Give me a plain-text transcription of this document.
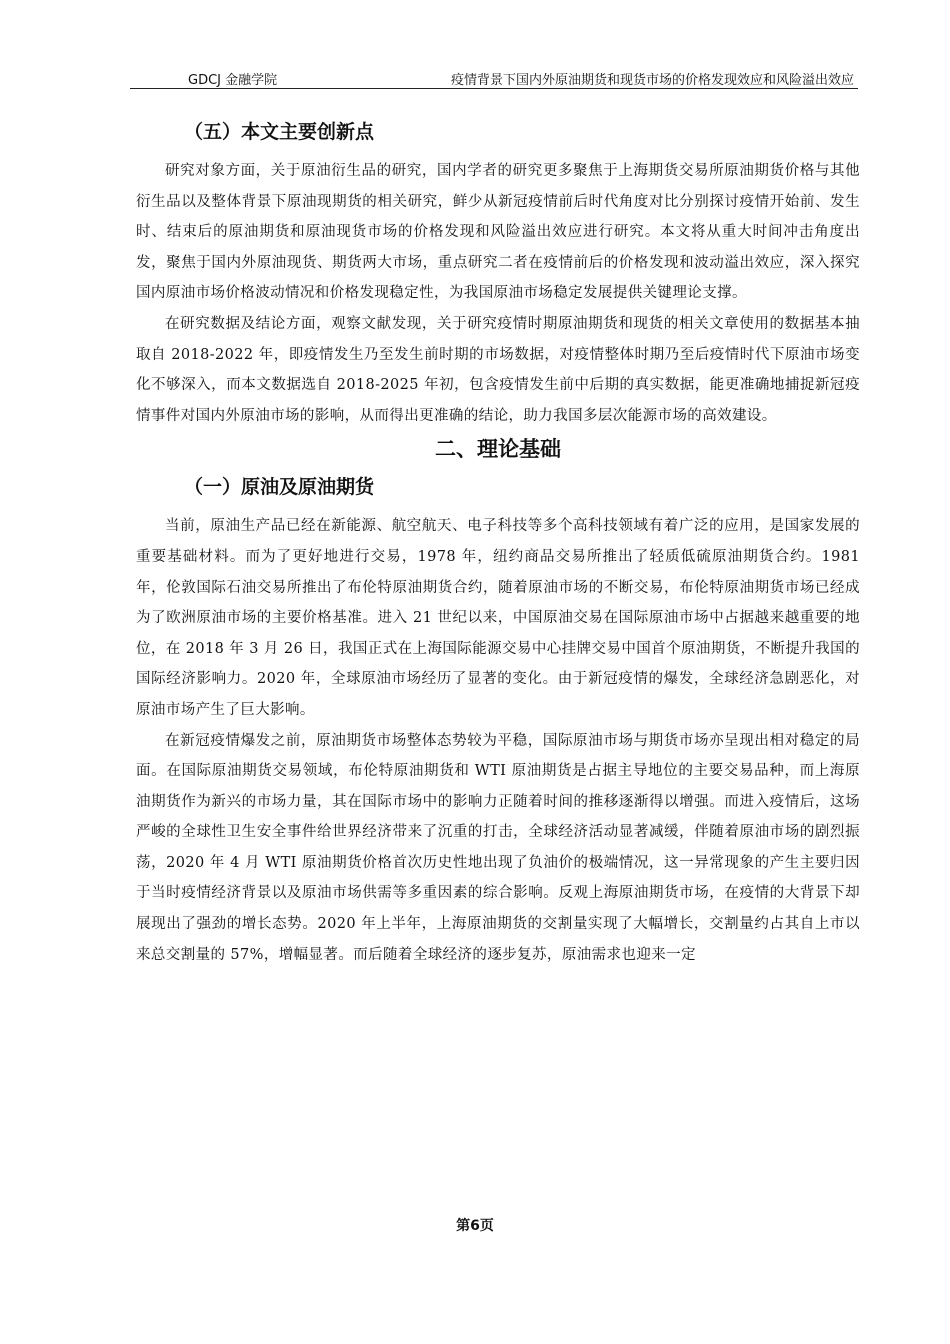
GDCJ 金融学院	疫情背景下国内外原油期货和现货市场的价格发现效应和风险溢出效应
（五）本文主要创新点

研究对象方面，关于原油衍生品的研究，国内学者的研究更多聚焦于上海期货交易所原油期货价格与其他衍生品以及整体背景下原油现期货的相关研究，鲜少从新冠疫情前后时代角度对比分别探讨疫情开始前、发生时、结束后的原油期货和原油现货市场的价格发现和风险溢出效应进行研究。本文将从重大时间冲击角度出发，聚焦于国内外原油现货、期货两大市场，重点研究二者在疫情前后的价格发现和波动溢出效应，深入探究国内原油市场价格波动情况和价格发现稳定性，为我国原油市场稳定发展提供关键理论支撑。

在研究数据及结论方面，观察文献发现，关于研究疫情时期原油期货和现货的相关文章使用的数据基本抽取自 2018-2022 年，即疫情发生乃至发生前时期的市场数据，对疫情整体时期乃至后疫情时代下原油市场变化不够深入，而本文数据选自 2018-2025 年初，包含疫情发生前中后期的真实数据，能更准确地捕捉新冠疫情事件对国内外原油市场的影响，从而得出更准确的结论，助力我国多层次能源市场的高效建设。

二、理论基础
（一）原油及原油期货

当前，原油生产品已经在新能源、航空航天、电子科技等多个高科技领域有着广泛的应用，是国家发展的重要基础材料。而为了更好地进行交易，1978 年，纽约商品交易所推出了轻质低硫原油期货合约。1981 年，伦敦国际石油交易所推出了布伦特原油期货合约，随着原油市场的不断交易，布伦特原油期货市场已经成为了欧洲原油市场的主要价格基准。进入 21 世纪以来，中国原油交易在国际原油市场中占据越来越重要的地位，在 2018 年 3 月 26 日，我国正式在上海国际能源交易中心挂牌交易中国首个原油期货，不断提升我国的国际经济影响力。2020 年，全球原油市场经历了显著的变化。由于新冠疫情的爆发，全球经济急剧恶化，对原油市场产生了巨大影响。

在新冠疫情爆发之前，原油期货市场整体态势较为平稳，国际原油市场与期货市场亦呈现出相对稳定的局面。在国际原油期货交易领域，布伦特原油期货和 WTI 原油期货是占据主导地位的主要交易品种，而上海原油期货作为新兴的市场力量，其在国际市场中的影响力正随着时间的推移逐渐得以增强。而进入疫情后，这场严峻的全球性卫生安全事件给世界经济带来了沉重的打击，全球经济活动显著减缓，伴随着原油市场的剧烈振荡，2020 年 4 月 WTI 原油期货价格首次历史性地出现了负油价的极端情况，这一异常现象的产生主要归因于当时疫情经济背景以及原油市场供需等多重因素的综合影响。反观上海原油期货市场，在疫情的大背景下却展现出了强劲的增长态势。2020 年上半年，上海原油期货的交割量实现了大幅增长，交割量约占其自上市以来总交割量的 57%，增幅显著。而后随着全球经济的逐步复苏，原油需求也迎来一定

第6页
